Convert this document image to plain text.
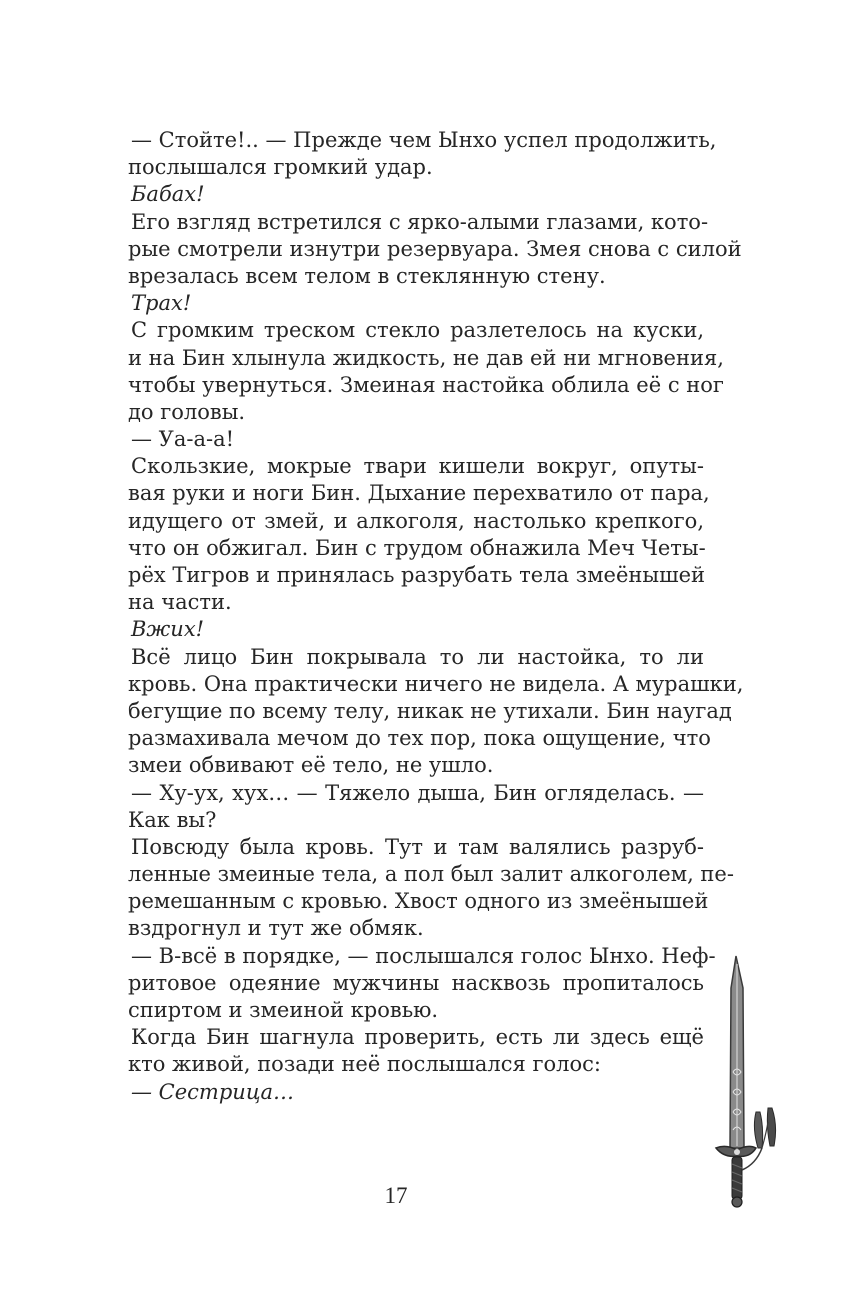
— Стойте!.. — Прежде чем Ынхо успел продолжить,
послышался громкий удар.
Бабах!
Его взгляд встретился с ярко-алыми глазами, кото-
рые смотрели изнутри резервуара. Змея снова с силой
врезалась всем телом в стеклянную стену.
Трах!
С громким треском стекло разлетелось на куски,
и на Бин хлынула жидкость, не дав ей ни мгновения,
чтобы увернуться. Змеиная настойка облила её с ног
до головы.
— Уа-а-а!
Скользкие, мокрые твари кишели вокруг, опуты-
вая руки и ноги Бин. Дыхание перехватило от пара,
идущего от змей, и алкоголя, настолько крепкого,
что он обжигал. Бин с трудом обнажила Меч Четы-
рёх Тигров и принялась разрубать тела змеёнышей
на части.
Вжих!
Всё лицо Бин покрывала то ли настойка, то ли
кровь. Она практически ничего не видела. А мурашки,
бегущие по всему телу, никак не утихали. Бин наугад
размахивала мечом до тех пор, пока ощущение, что
змеи обвивают её тело, не ушло.
— Ху-ух, хух… — Тяжело дыша, Бин огляделась. —
Как вы?
Повсюду была кровь. Тут и там валялись разруб-
ленные змеиные тела, а пол был залит алкоголем, пе-
ремешанным с кровью. Хвост одного из змеёнышей
вздрогнул и тут же обмяк.
— В-всё в порядке, — послышался голос Ынхо. Неф-
ритовое одеяние мужчины насквозь пропиталось
спиртом и змеиной кровью.
Когда Бин шагнула проверить, есть ли здесь ещё
кто живой, позади неё послышался голос:
— Сестрица…
17
